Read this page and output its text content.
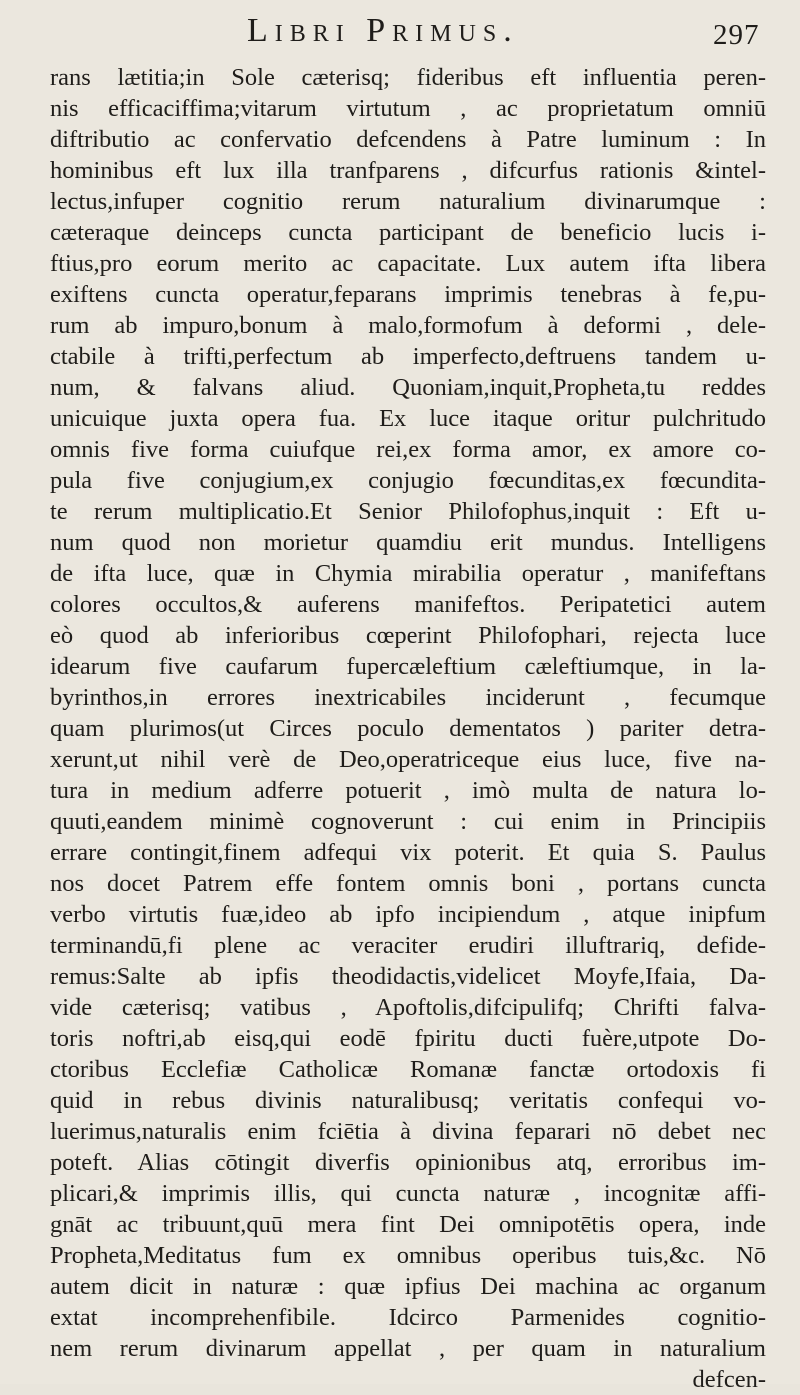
Libri Primus.	297
rans lætitia;in Sole cæterisq; fideribus eft influentia peren-
nis efficaciffima;vitarum virtutum , ac proprietatum omniū
diftributio ac confervatio defcendens à Patre luminum : In
hominibus eft lux illa tranfparens , difcurfus rationis &intel-
lectus,infuper cognitio rerum naturalium divinarumque :
cæteraque deinceps cuncta participant de beneficio lucis i-
ftius,pro eorum merito ac capacitate. Lux autem ifta libera
exiftens cuncta operatur,feparans imprimis tenebras à fe,pu-
rum ab impuro,bonum à malo,formofum à deformi , dele-
ctabile à trifti,perfectum ab imperfecto,deftruens tandem u-
num, & falvans aliud. Quoniam,inquit,Propheta,tu reddes
unicuique juxta opera fua. Ex luce itaque oritur pulchritudo
omnis five forma cuiufque rei,ex forma amor, ex amore co-
pula five conjugium,ex conjugio fœcunditas,ex fœcundita-
te rerum multiplicatio.Et Senior Philofophus,inquit : Eft u-
num quod non morietur quamdiu erit mundus. Intelligens
de ifta luce, quæ in Chymia mirabilia operatur , manifeftans
colores occultos,& auferens manifeftos. Peripatetici autem
eò quod ab inferioribus cœperint Philofophari, rejecta luce
idearum five caufarum fupercæleftium cæleftiumque, in la-
byrinthos,in errores inextricabiles inciderunt , fecumque
quam plurimos(ut Circes poculo dementatos ) pariter detra-
xerunt,ut nihil verè de Deo,operatriceque eius luce, five na-
tura in medium adferre potuerit , imò multa de natura lo-
quuti,eandem minimè cognoverunt : cui enim in Principiis
errare contingit,finem adfequi vix poterit. Et quia S. Paulus
nos docet Patrem effe fontem omnis boni , portans cuncta
verbo virtutis fuæ,ideo ab ipfo incipiendum , atque inipfum
terminandū,fi plene ac veraciter erudiri illuftrariq, defide-
remus:Salte ab ipfis theodidactis,videlicet Moyfe,Ifaia, Da-
vide cæterisq; vatibus , Apoftolis,difcipulifq; Chrifti falva-
toris noftri,ab eisq,qui eodē fpiritu ducti fuère,utpote Do-
ctoribus Ecclefiæ Catholicæ Romanæ fanctæ ortodoxis fi
quid in rebus divinis naturalibusq; veritatis confequi vo-
luerimus,naturalis enim fciētia à divina feparari nō debet nec
poteft. Alias cōtingit diverfis opinionibus atq, erroribus im-
plicari,& imprimis illis, qui cuncta naturæ , incognitæ affi-
gnāt ac tribuunt,quū mera fint Dei omnipotētis opera, inde
Propheta,Meditatus fum ex omnibus operibus tuis,&c. Nō
autem dicit in naturæ : quæ ipfius Dei machina ac organum
extat incomprehenfibile. Idcirco Parmenides cognitio-
nem rerum divinarum appellat , per quam in naturalium
defcen-
